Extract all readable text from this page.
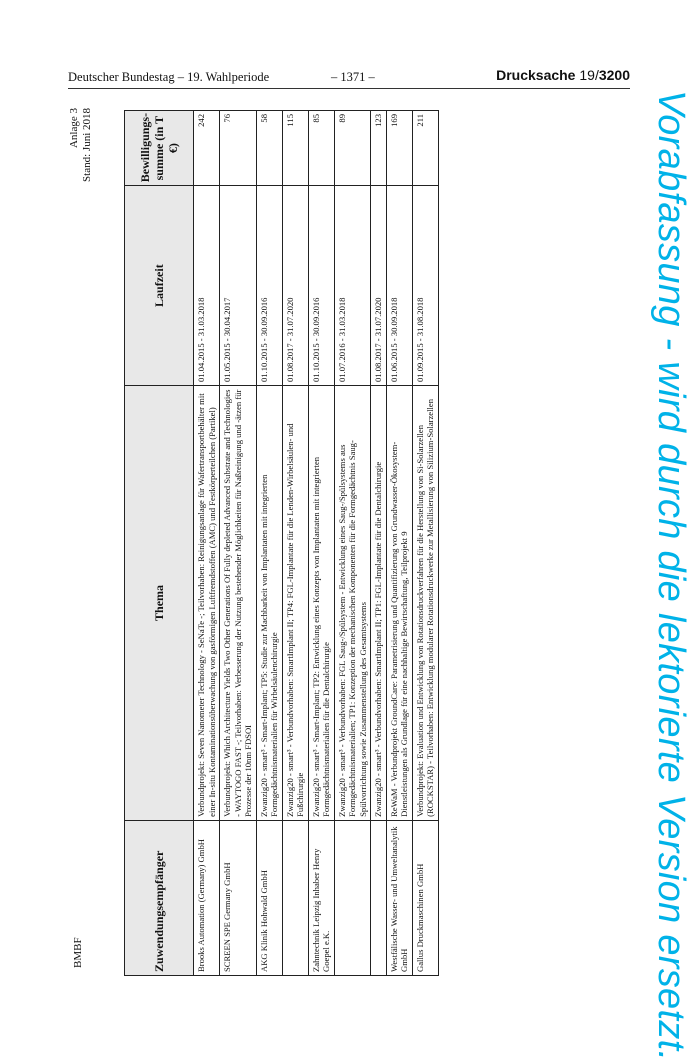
Deutscher Bundestag – 19. Wahlperiode	– 1371 –	Drucksache 19/3200
BMBF
Anlage 3 Stand: Juni 2018
Zuwendungsempfänger	Thema	Laufzeit	Bewilligungs-summe (in T €)
Brooks Automation (Germany) GmbH	Verbundprojekt: Seven Nanometer Technology - SeNaTe -; Teilvorhaben: Reinigungsanlage für Wafertransportbehälter mit einer In-situ Kontaminationsüberwachung von gasförmigen Luftfremdstoffen (AMC) und Festkörperteilchen (Partikel)	01.04.2015 - 31.03.2018	242
SCREEN SPE Germany GmbH	Verbundprojekt: Which Architecture Yields Two Other Generations Of Fully depleted Advanced Substrate and Technologies - WAYTOGO FAST -; Teilvorhaben: Verbesserung der Nutzung bestehender Möglichkeiten für Naßreinigung und -ätzen für Prozesse der 10nm FDSOI	01.05.2015 - 30.04.2017	76
AKG Klinik Hohwald GmbH	Zwanzig20 - smart³ - Smart-Implant; TP5: Studie zur Machbarkeit von Implantaten mit integrierten Formgedächtnismaterialien für Wirbelsäulenchirurgie	01.10.2015 - 30.09.2016	58
	Zwanzig20 - smart³ - Verbundvorhaben: SmartImplant II; TP4: FGL-Implantate für die Lenden-Wirbelsäulen- und Fußchirurgie	01.08.2017 - 31.07.2020	115
Zahntechnik Leipzig Inhaber Henry Goepel e.K.	Zwanzig20 - smart³ - Smart-Implant; TP2: Entwicklung eines Konzepts von Implantaten mit integrierten Formgedächtnismaterialien für die Dentalchirurgie	01.10.2015 - 30.09.2016	85
	Zwanzig20 - smart³ - Verbundvorhaben: FGL Saug-/Spülsystem - Entwicklung eines Saug-/Spülsystems aus Formgedächtnismaterialien; TP1: Konzeption der mechanischen Komponenten für die Formgedächtnis Saug- Spülvorrichtung sowie Zusammenstellung des Gesamtsystems	01.07.2016 - 31.03.2018	89
	Zwanzig20 - smart³ - Verbundvorhaben: SmartImplant II; TP1: FGL-Implantate für die Dentalchirurgie	01.08.2017 - 31.07.2020	123
Westfälische Wasser- und Umweltanalytik GmbH	ReWaM - Verbundprojekt GroundCare: Parametrisierung und Quantifizierung von Grundwasser-Ökosystem-Dienstleistungen als Grundlage für eine nachhaltige Bewirtschaftung, Teilprojekt 9	01.06.2015 - 30.09.2018	169
Gallus Druckmaschinen GmbH	Verbundprojekt: Evaluation und Entwicklung von Rotationsdruckverfahren für die Herstellung von Si-Solarzellen (ROCKSTAR) - Teilvorhaben: Entwicklung modularer Rotationsdruckwerke zur Metallisierung von Silizium-Solarzellen	01.09.2015 - 31.08.2018	211	Vorabfassung - wird durch die lektorierte Version ersetzt.
